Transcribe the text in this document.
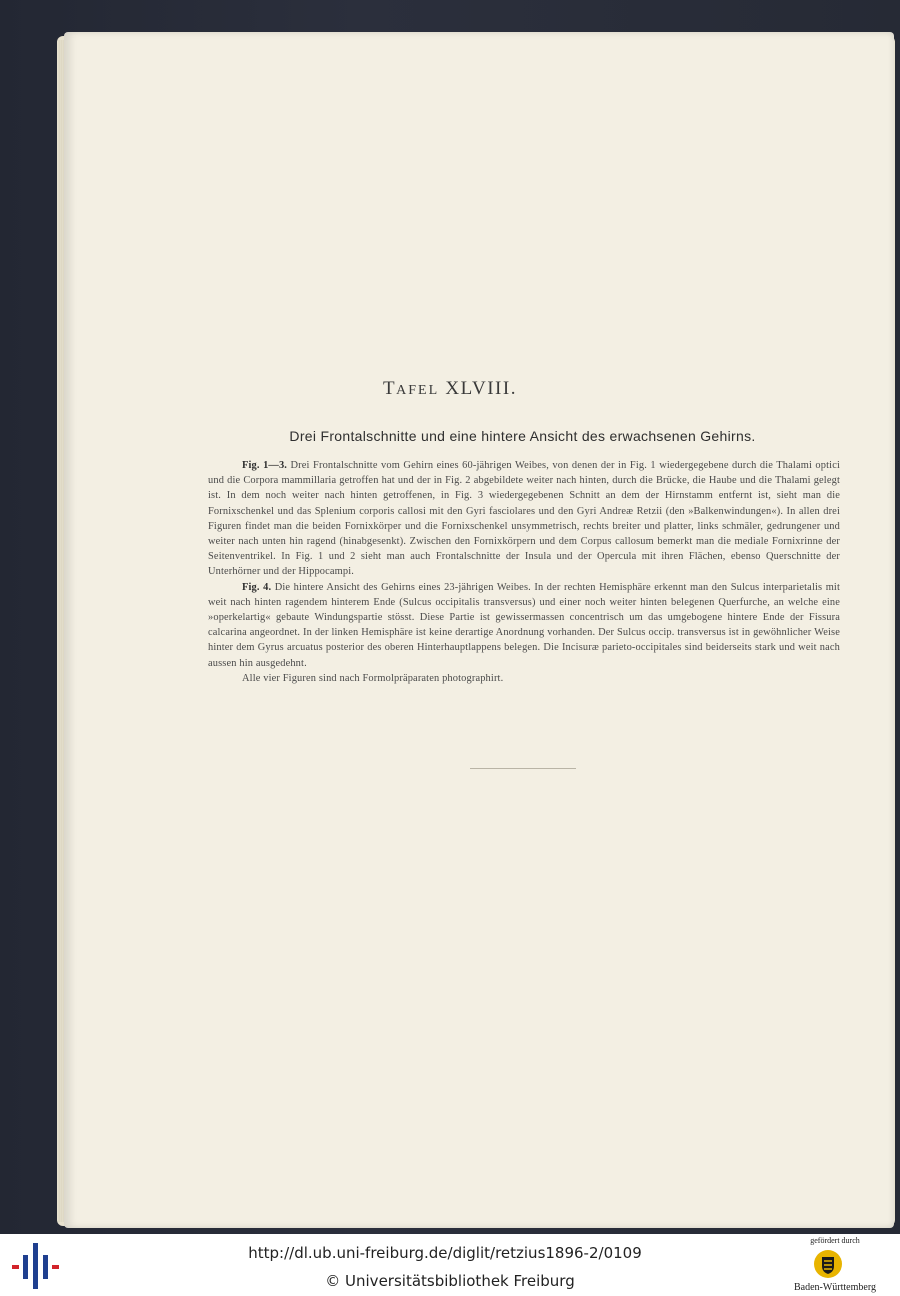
TAFEL XLVIII.
Drei Frontalschnitte und eine hintere Ansicht des erwachsenen Gehirns.

Fig. 1—3. Drei Frontalschnitte vom Gehirn eines 60-jährigen Weibes, von denen der in Fig. 1 wiedergegebene durch die Thalami optici und die Corpora mammillaria getroffen hat und der in Fig. 2 abgebildete weiter nach hinten, durch die Brücke, die Haube und die Thalami gelegt ist. In dem noch weiter nach hinten getroffenen, in Fig. 3 wiedergegebenen Schnitt an dem der Hirnstamm entfernt ist, sieht man die Fornixschenkel und das Splenium corporis callosi mit den Gyri fasciolares und den Gyri Andreæ Retzii (den »Balkenwindungen«). In allen drei Figuren findet man die beiden Fornixkörper und die Fornixschenkel unsymmetrisch, rechts breiter und platter, links schmäler, gedrungener und weiter nach unten hin ragend (hinabgesenkt). Zwischen den Fornixkörpern und dem Corpus callosum bemerkt man die mediale Fornixrinne der Seitenventrikel. In Fig. 1 und 2 sieht man auch Frontalschnitte der Insula und der Opercula mit ihren Flächen, ebenso Querschnitte der Unterhörner und der Hippocampi.

Fig. 4. Die hintere Ansicht des Gehirns eines 23-jährigen Weibes. In der rechten Hemisphäre erkennt man den Sulcus interparietalis mit weit nach hinten ragendem hinterem Ende (Sulcus occipitalis transversus) und einer noch weiter hinten belegenen Querfurche, an welche eine »operkelartig« gebaute Windungspartie stösst. Diese Partie ist gewissermassen concentrisch um das umgebogene hintere Ende der Fissura calcarina angeordnet. In der linken Hemisphäre ist keine derartige Anordnung vorhanden. Der Sulcus occip. transversus ist in gewöhnlicher Weise hinter dem Gyrus arcuatus posterior des oberen Hinterhauptlappens belegen. Die Incisuræ parieto-occipitales sind beiderseits stark und weit nach aussen hin ausgedehnt.

Alle vier Figuren sind nach Formolpräparaten photographirt.

http://dl.ub.uni-freiburg.de/diglit/retzius1896-2/0109
© Universitätsbibliothek Freiburg
gefördert durch
Baden-Württemberg
